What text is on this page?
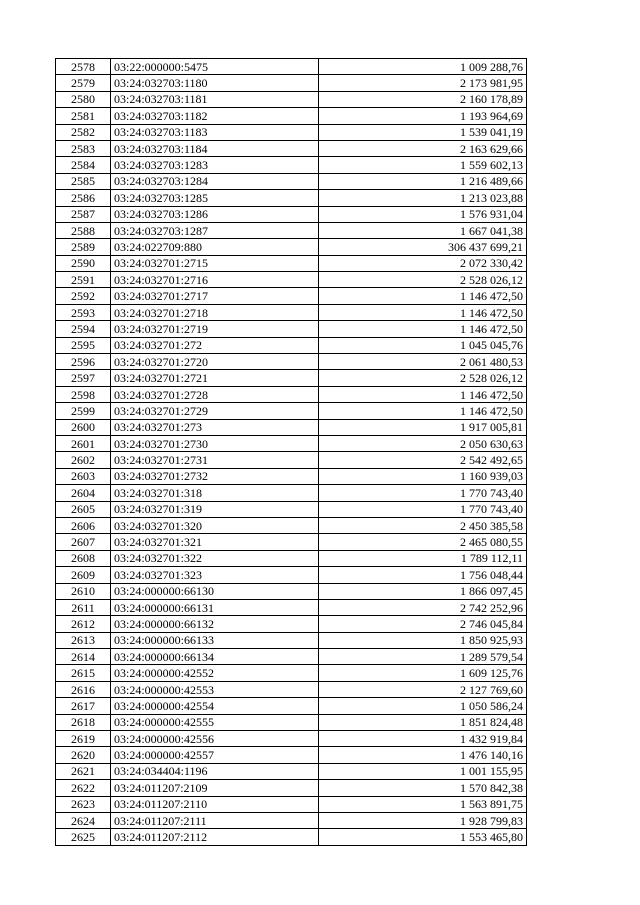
2578	03:22:000000:5475	1 009 288,76
2579	03:24:032703:1180	2 173 981,95
2580	03:24:032703:1181	2 160 178,89
2581	03:24:032703:1182	1 193 964,69
2582	03:24:032703:1183	1 539 041,19
2583	03:24:032703:1184	2 163 629,66
2584	03:24:032703:1283	1 559 602,13
2585	03:24:032703:1284	1 216 489,66
2586	03:24:032703:1285	1 213 023,88
2587	03:24:032703:1286	1 576 931,04
2588	03:24:032703:1287	1 667 041,38
2589	03:24:022709:880	306 437 699,21
2590	03:24:032701:2715	2 072 330,42
2591	03:24:032701:2716	2 528 026,12
2592	03:24:032701:2717	1 146 472,50
2593	03:24:032701:2718	1 146 472,50
2594	03:24:032701:2719	1 146 472,50
2595	03:24:032701:272	1 045 045,76
2596	03:24:032701:2720	2 061 480,53
2597	03:24:032701:2721	2 528 026,12
2598	03:24:032701:2728	1 146 472,50
2599	03:24:032701:2729	1 146 472,50
2600	03:24:032701:273	1 917 005,81
2601	03:24:032701:2730	2 050 630,63
2602	03:24:032701:2731	2 542 492,65
2603	03:24:032701:2732	1 160 939,03
2604	03:24:032701:318	1 770 743,40
2605	03:24:032701:319	1 770 743,40
2606	03:24:032701:320	2 450 385,58
2607	03:24:032701:321	2 465 080,55
2608	03:24:032701:322	1 789 112,11
2609	03:24:032701:323	1 756 048,44
2610	03:24:000000:66130	1 866 097,45
2611	03:24:000000:66131	2 742 252,96
2612	03:24:000000:66132	2 746 045,84
2613	03:24:000000:66133	1 850 925,93
2614	03:24:000000:66134	1 289 579,54
2615	03:24:000000:42552	1 609 125,76
2616	03:24:000000:42553	2 127 769,60
2617	03:24:000000:42554	1 050 586,24
2618	03:24:000000:42555	1 851 824,48
2619	03:24:000000:42556	1 432 919,84
2620	03:24:000000:42557	1 476 140,16
2621	03:24:034404:1196	1 001 155,95
2622	03:24:011207:2109	1 570 842,38
2623	03:24:011207:2110	1 563 891,75
2624	03:24:011207:2111	1 928 799,83
2625	03:24:011207:2112	1 553 465,80
